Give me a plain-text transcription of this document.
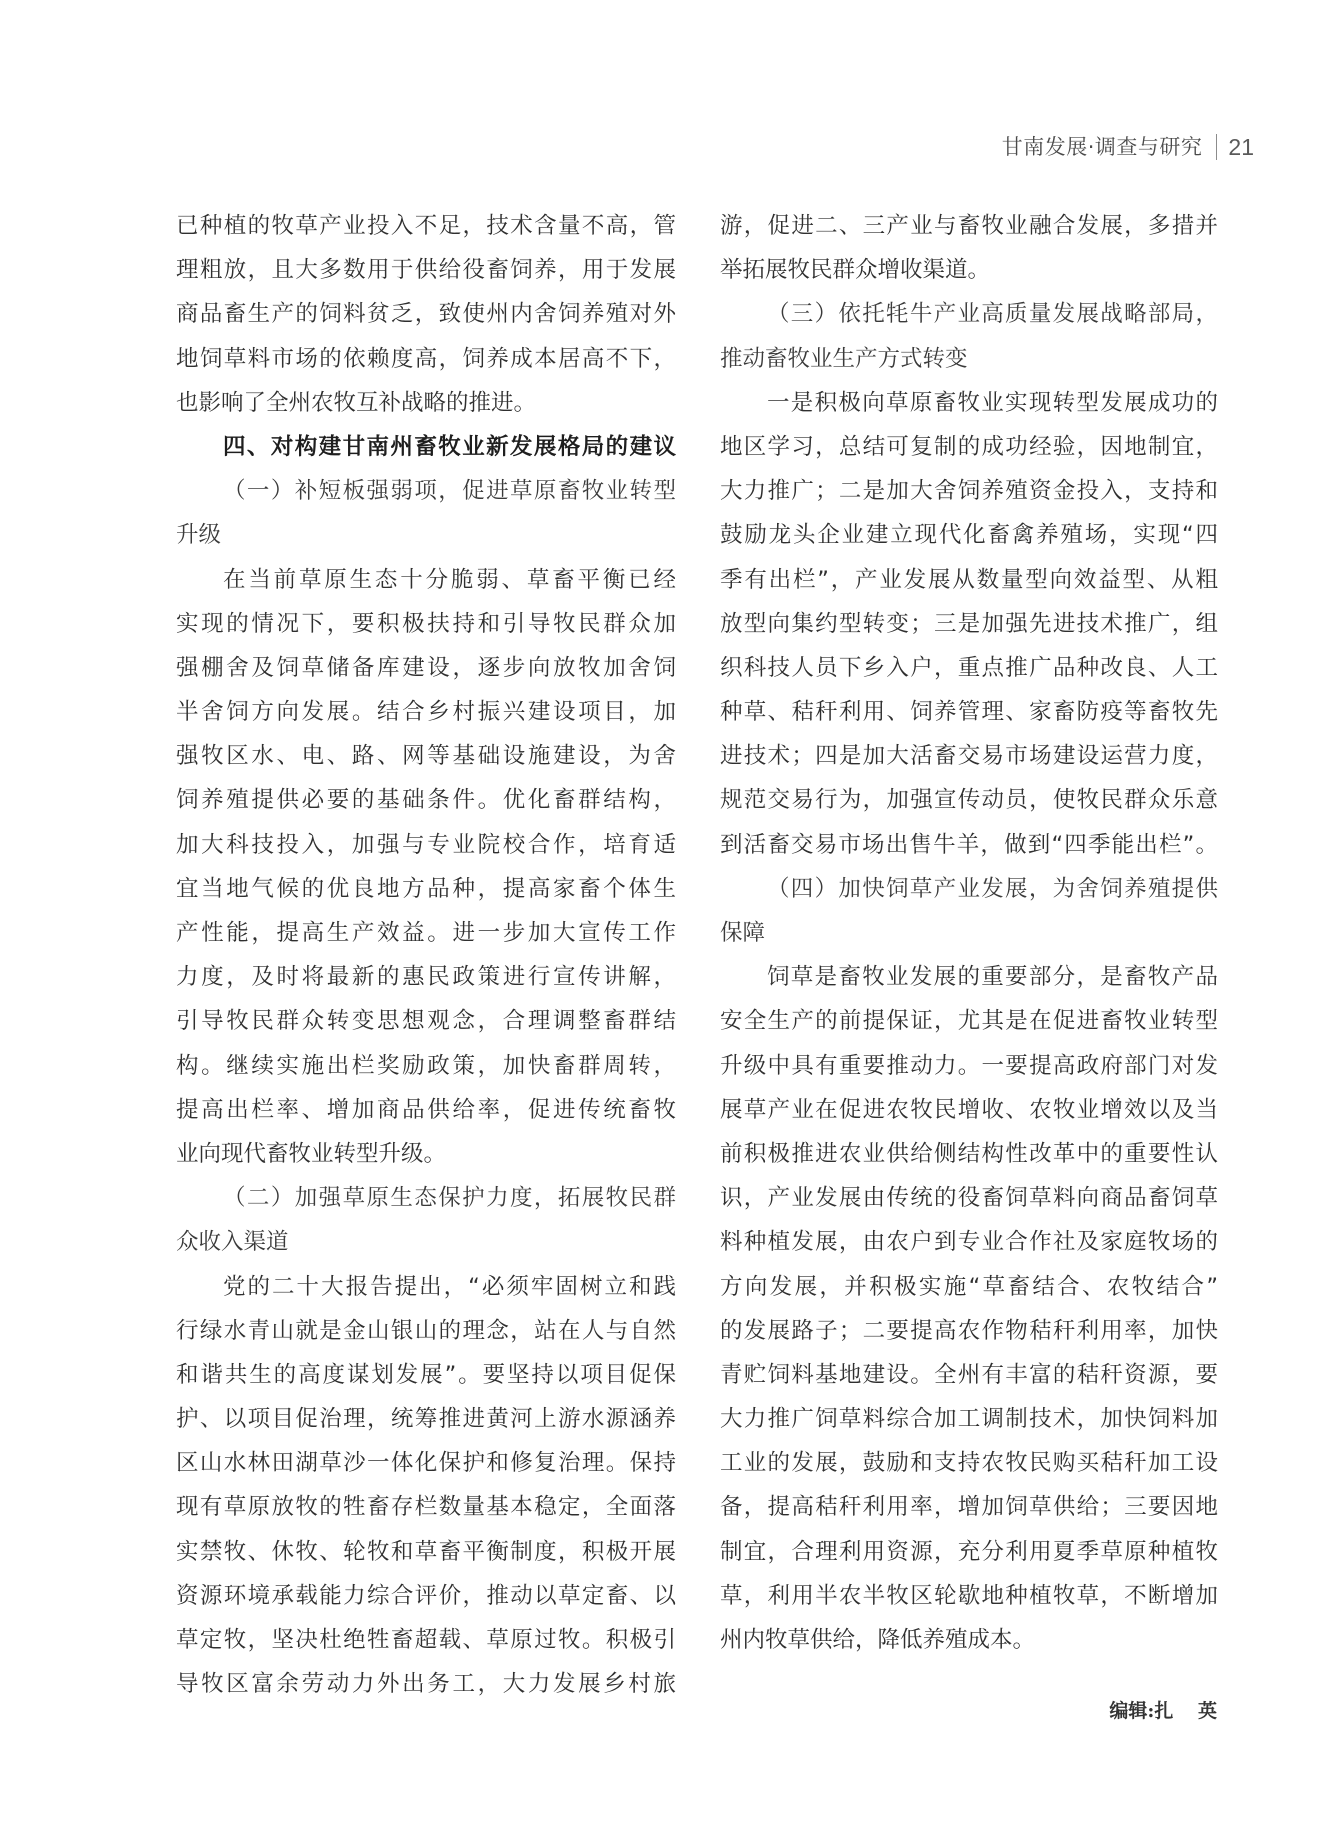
甘南发展·调查与研究 21
已种植的牧草产业投入不足，技术含量不高，管
理粗放，且大多数用于供给役畜饲养，用于发展
商品畜生产的饲料贫乏，致使州内舍饲养殖对外
地饲草料市场的依赖度高，饲养成本居高不下，
也影响了全州农牧互补战略的推进。
四、对构建甘南州畜牧业新发展格局的建议
（一）补短板强弱项，促进草原畜牧业转型
升级
在当前草原生态十分脆弱、草畜平衡已经
实现的情况下，要积极扶持和引导牧民群众加
强棚舍及饲草储备库建设，逐步向放牧加舍饲
半舍饲方向发展。结合乡村振兴建设项目，加
强牧区水、电、路、网等基础设施建设，为舍
饲养殖提供必要的基础条件。优化畜群结构，
加大科技投入，加强与专业院校合作，培育适
宜当地气候的优良地方品种，提高家畜个体生
产性能，提高生产效益。进一步加大宣传工作
力度，及时将最新的惠民政策进行宣传讲解，
引导牧民群众转变思想观念，合理调整畜群结
构。继续实施出栏奖励政策，加快畜群周转，
提高出栏率、增加商品供给率，促进传统畜牧
业向现代畜牧业转型升级。
（二）加强草原生态保护力度，拓展牧民群
众收入渠道
党的二十大报告提出，“必须牢固树立和践
行绿水青山就是金山银山的理念，站在人与自然
和谐共生的高度谋划发展”。要坚持以项目促保
护、以项目促治理，统筹推进黄河上游水源涵养
区山水林田湖草沙一体化保护和修复治理。保持
现有草原放牧的牲畜存栏数量基本稳定，全面落
实禁牧、休牧、轮牧和草畜平衡制度，积极开展
资源环境承载能力综合评价，推动以草定畜、以
草定牧，坚决杜绝牲畜超载、草原过牧。积极引
导牧区富余劳动力外出务工，大力发展乡村旅
游，促进二、三产业与畜牧业融合发展，多措并
举拓展牧民群众增收渠道。
（三）依托牦牛产业高质量发展战略部局，
推动畜牧业生产方式转变
一是积极向草原畜牧业实现转型发展成功的
地区学习，总结可复制的成功经验，因地制宜，
大力推广；二是加大舍饲养殖资金投入，支持和
鼓励龙头企业建立现代化畜禽养殖场，实现“四
季有出栏”，产业发展从数量型向效益型、从粗
放型向集约型转变；三是加强先进技术推广，组
织科技人员下乡入户，重点推广品种改良、人工
种草、秸秆利用、饲养管理、家畜防疫等畜牧先
进技术；四是加大活畜交易市场建设运营力度，
规范交易行为，加强宣传动员，使牧民群众乐意
到活畜交易市场出售牛羊，做到“四季能出栏”。
（四）加快饲草产业发展，为舍饲养殖提供
保障
饲草是畜牧业发展的重要部分，是畜牧产品
安全生产的前提保证，尤其是在促进畜牧业转型
升级中具有重要推动力。一要提高政府部门对发
展草产业在促进农牧民增收、农牧业增效以及当
前积极推进农业供给侧结构性改革中的重要性认
识，产业发展由传统的役畜饲草料向商品畜饲草
料种植发展，由农户到专业合作社及家庭牧场的
方向发展，并积极实施“草畜结合、农牧结合”
的发展路子；二要提高农作物秸秆利用率，加快
青贮饲料基地建设。全州有丰富的秸秆资源，要
大力推广饲草料综合加工调制技术，加快饲料加
工业的发展，鼓励和支持农牧民购买秸秆加工设
备，提高秸秆利用率，增加饲草供给；三要因地
制宜，合理利用资源，充分利用夏季草原种植牧
草，利用半农半牧区轮歇地种植牧草，不断增加
州内牧草供给，降低养殖成本。
编辑:扎 英
